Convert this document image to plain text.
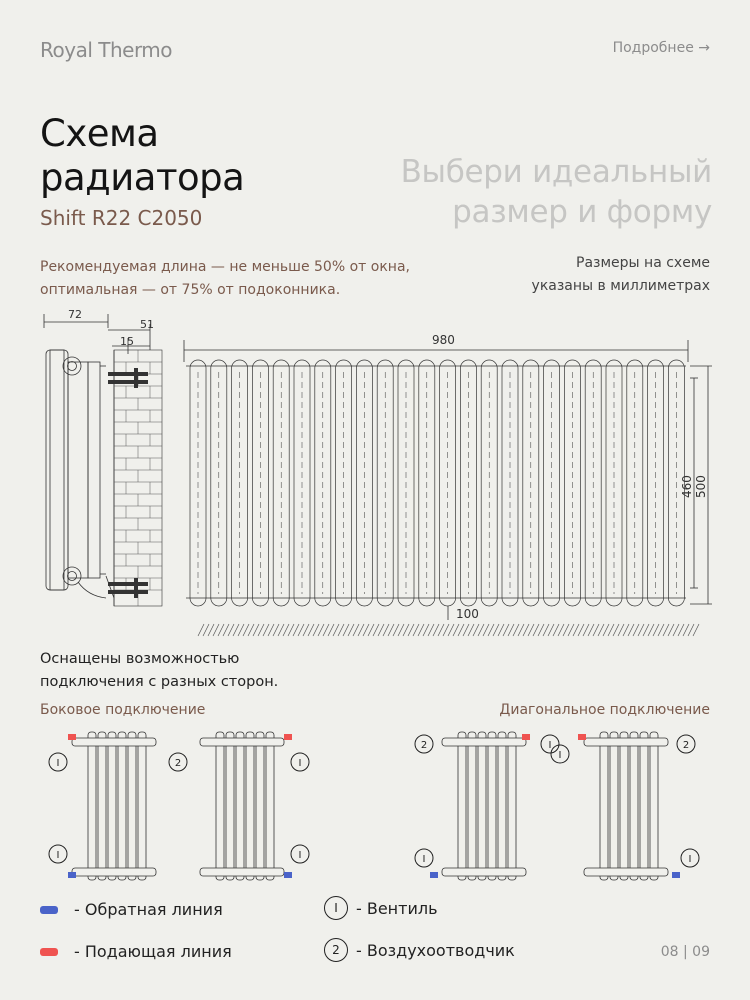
Royal Thermo	Подробнее →
Схема
радиатора
Shift R22 C2050
Выбери идеальный
размер и форму
Рекомендуемая длина — не меньше 50% от окна,
оптимальная — от 75% от подоконника.
Размеры на схеме
указаны в миллиметрах
72
51
15	980
460 500
100
Оснащены возможностью
подключения с разных сторон.
Боковое подключение	Диагональное подключение
I
I
2	I
I
2
I
I
I
2
I
- Обратная линия
- Подающая линия
I	- Вентиль
2	- Воздухоотводчик	08 | 09
